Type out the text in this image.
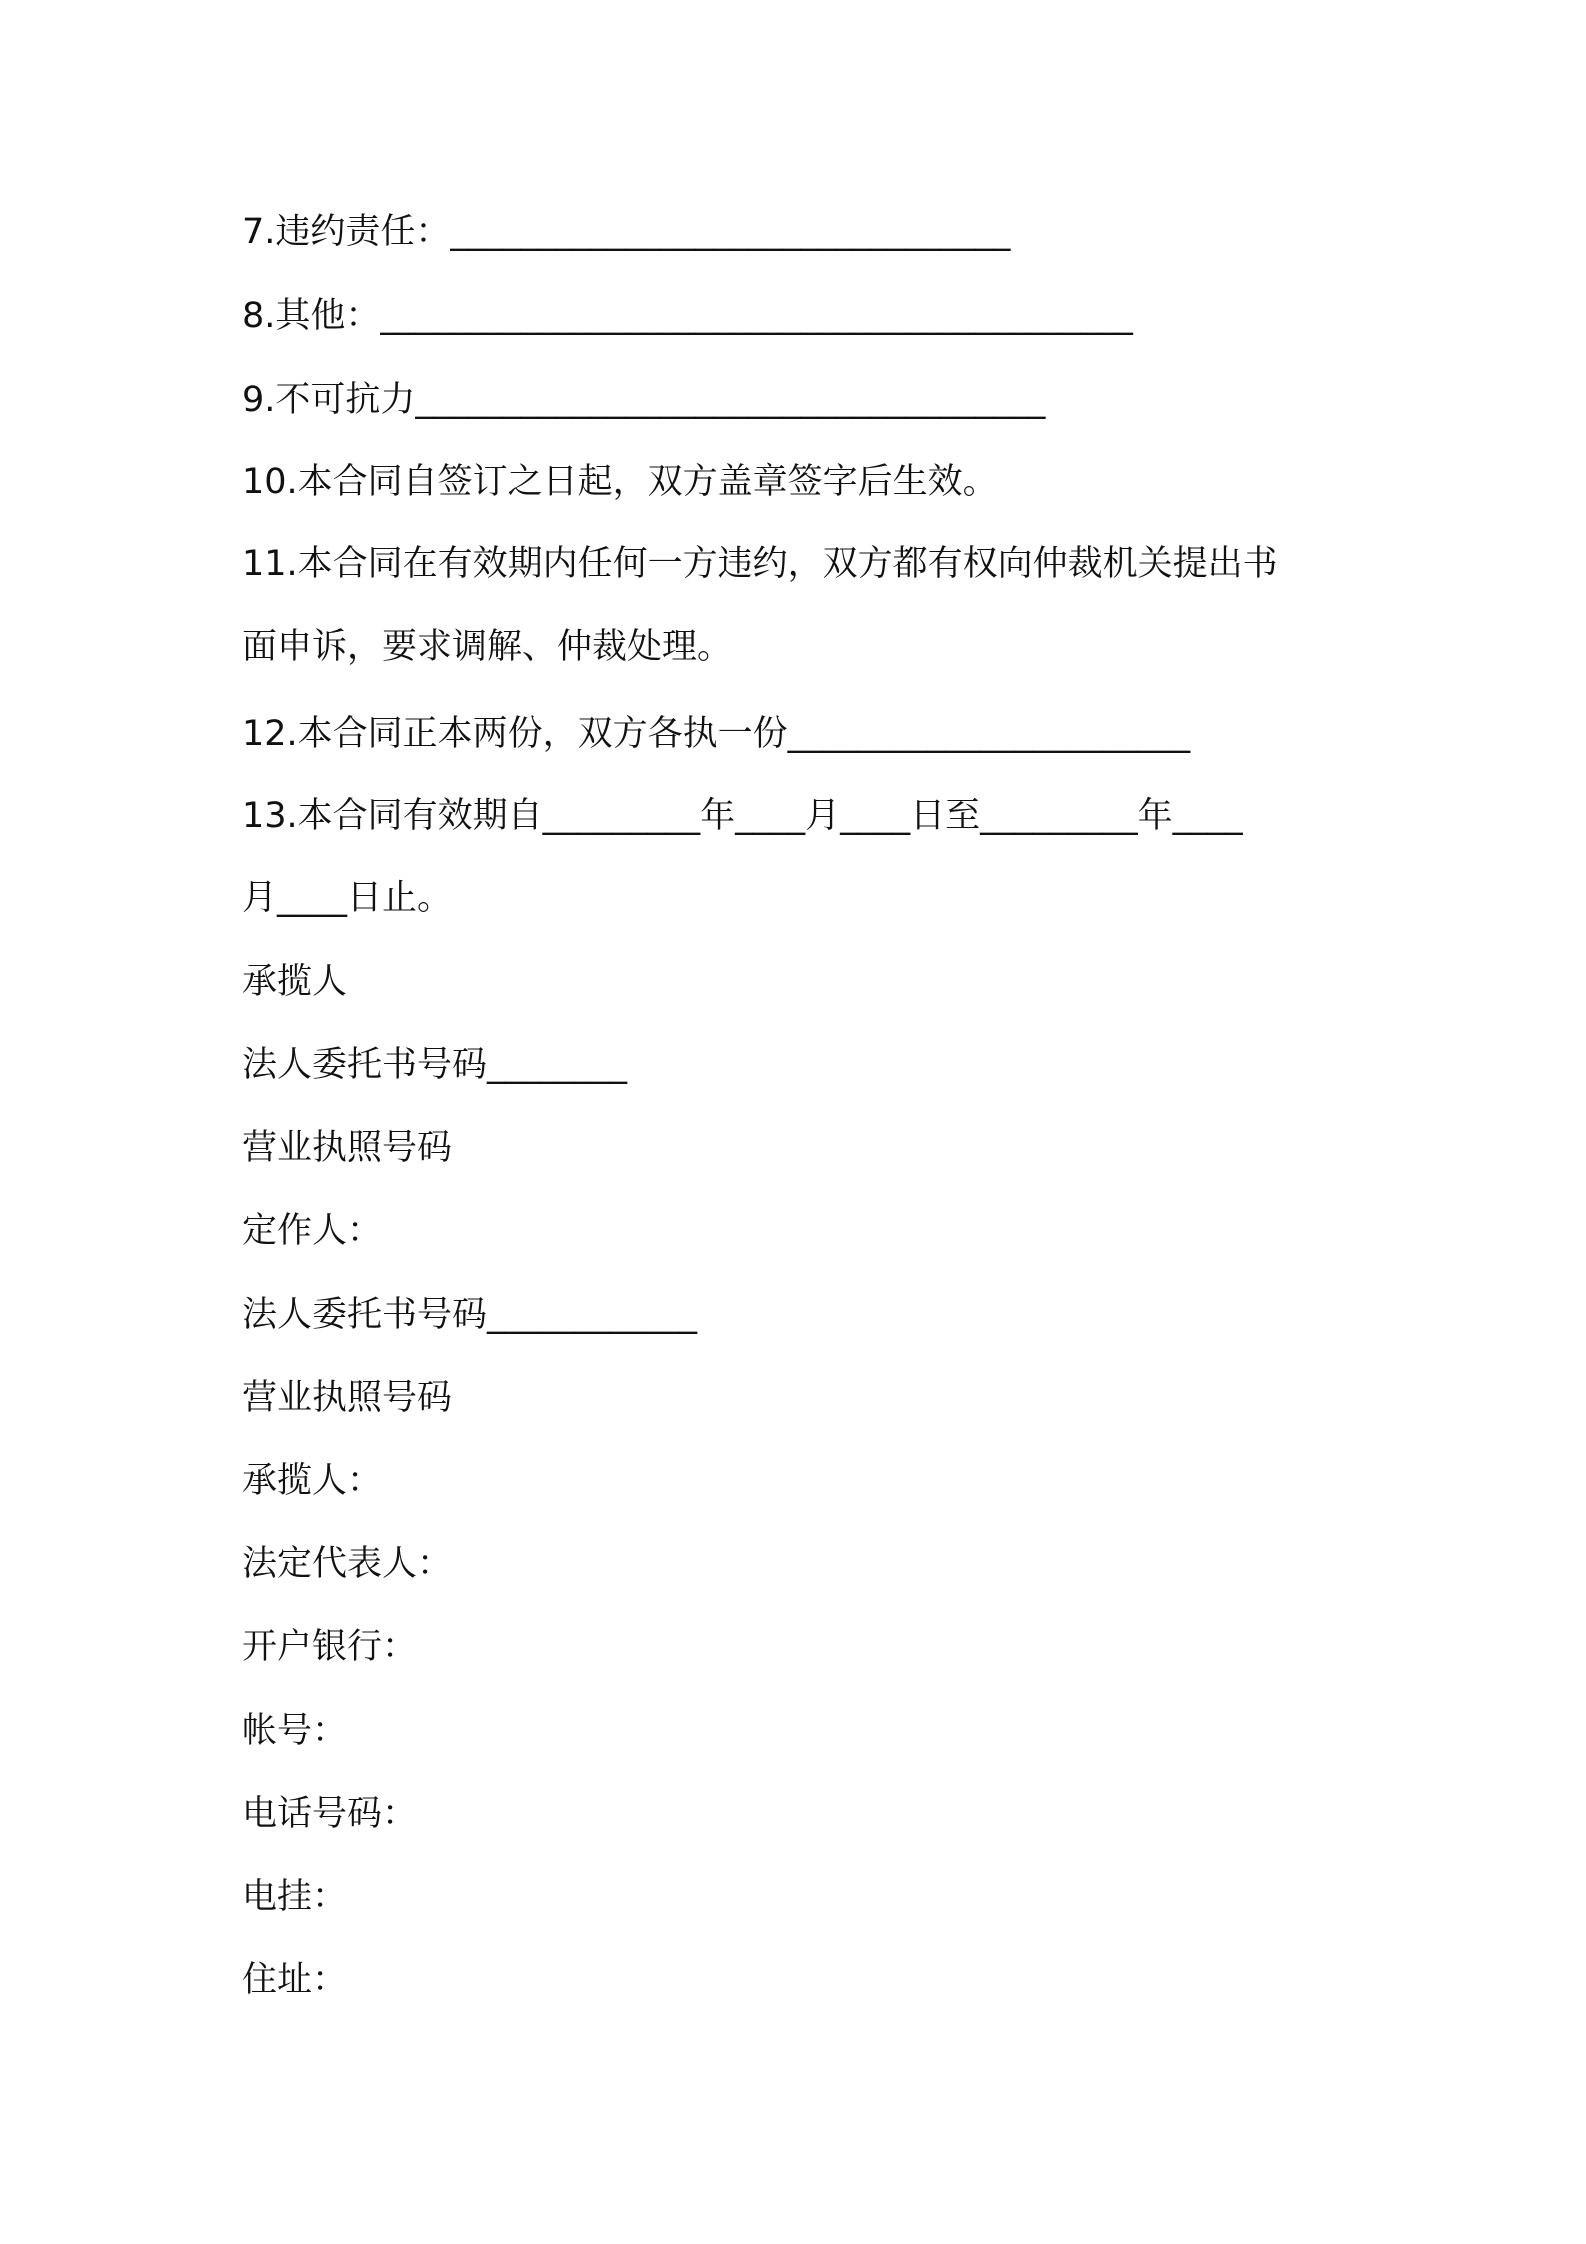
7.违约责任：________________________________
8.其他：___________________________________________
9.不可抗力____________________________________
10.本合同自签订之日起，双方盖章签字后生效。
11.本合同在有效期内任何一方违约，双方都有权向仲裁机关提出书
面申诉，要求调解、仲裁处理。
12.本合同正本两份，双方各执一份_______________________
13.本合同有效期自_________年____月____日至_________年____
月____日止。
承揽人
法人委托书号码________
营业执照号码
定作人：
法人委托书号码____________
营业执照号码
承揽人：
法定代表人：
开户银行：
帐号：
电话号码：
电挂：
住址：
